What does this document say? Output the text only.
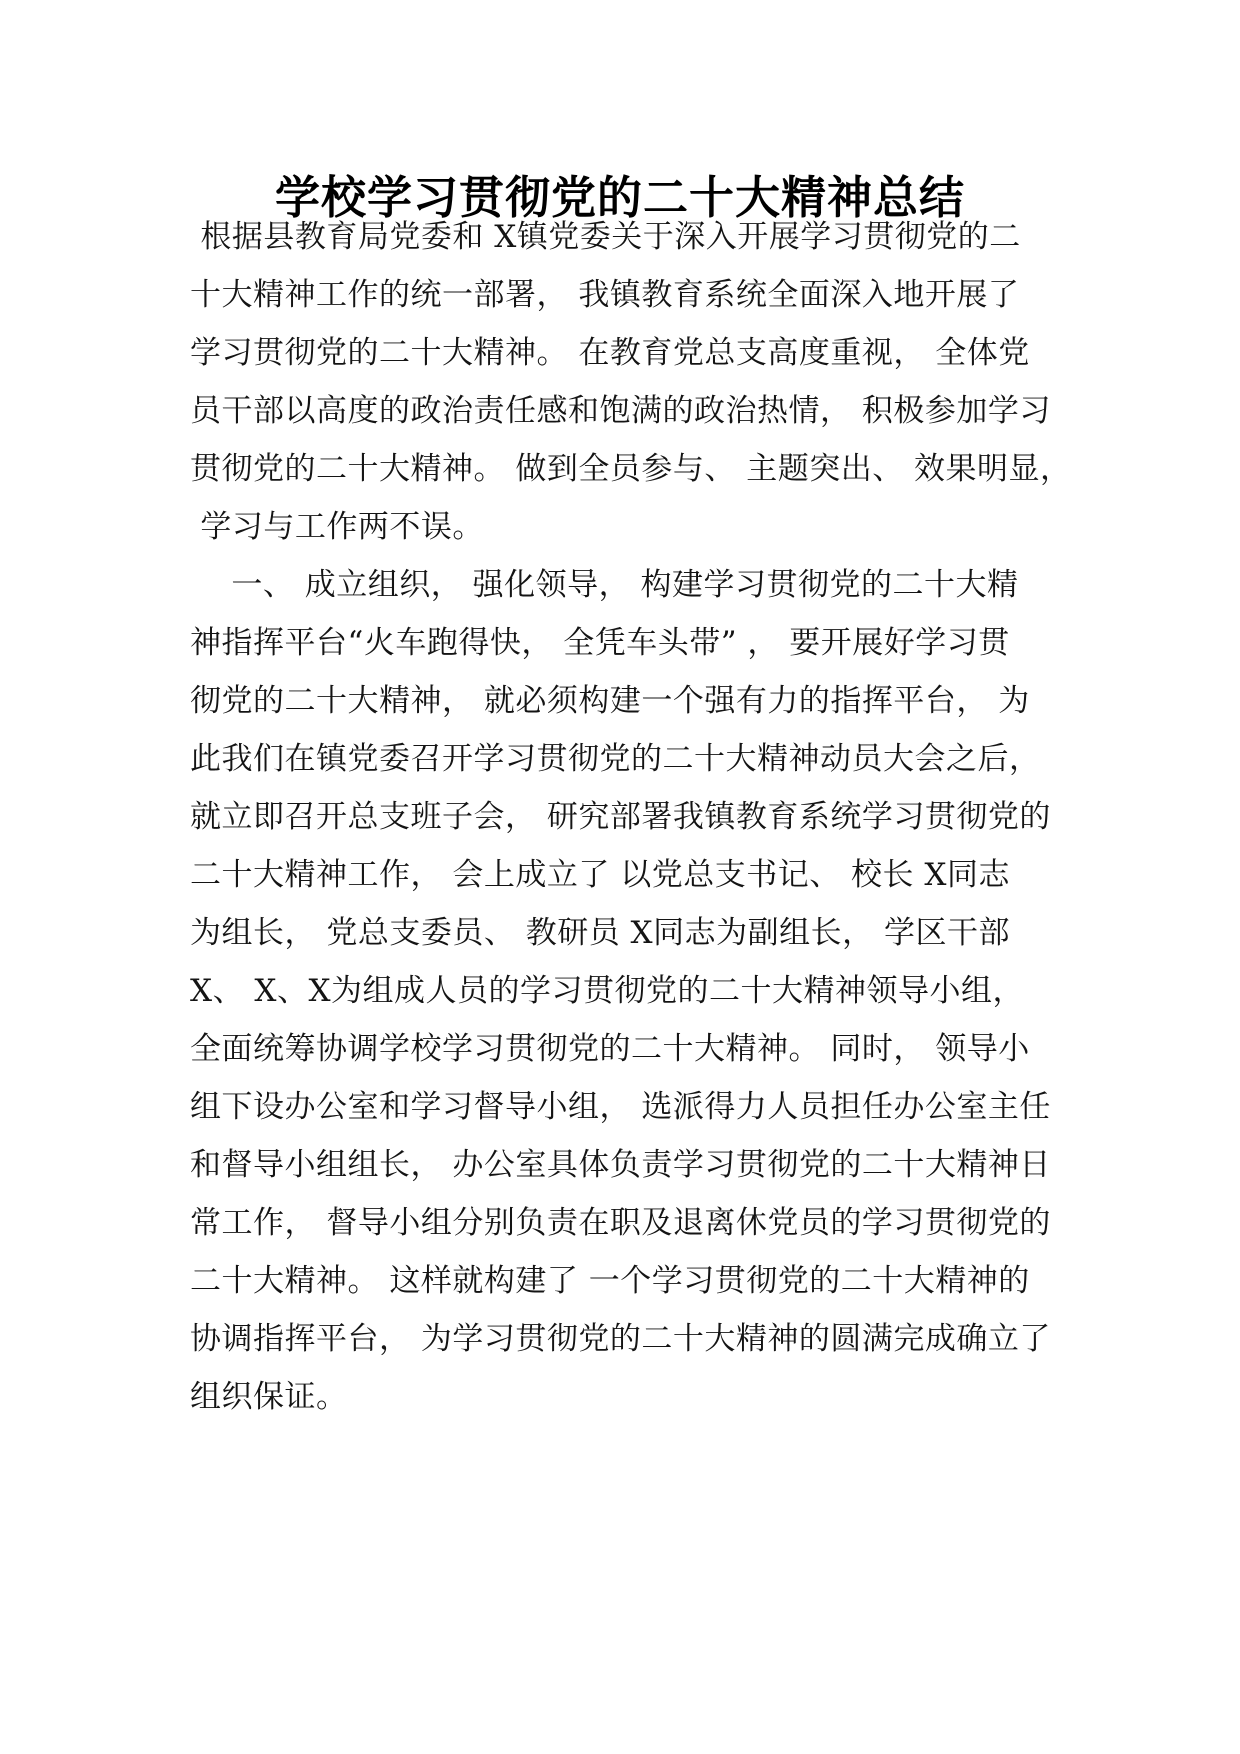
学校学习贯彻党的二十大精神总结
根据县教育局党委和 X镇党委关于深入开展学习贯彻党的二
十大精神工作的统一部署， 我镇教育系统全面深入地开展了
学习贯彻党的二十大精神。 在教育党总支高度重视， 全体党
员干部以高度的政治责任感和饱满的政治热情， 积极参加学习
贯彻党的二十大精神。 做到全员参与、 主题突出、 效果明显，
学习与工作两不误。
一、 成立组织， 强化领导， 构建学习贯彻党的二十大精
神指挥平台“火车跑得快， 全凭车头带” ， 要开展好学习贯
彻党的二十大精神， 就必须构建一个强有力的指挥平台， 为
此我们在镇党委召开学习贯彻党的二十大精神动员大会之后，
就立即召开总支班子会， 研究部署我镇教育系统学习贯彻党的
二十大精神工作， 会上成立了 以党总支书记、 校长 X同志
为组长， 党总支委员、 教研员 X同志为副组长， 学区干部
X、 X、X为组成人员的学习贯彻党的二十大精神领导小组，
全面统筹协调学校学习贯彻党的二十大精神。 同时， 领导小
组下设办公室和学习督导小组， 选派得力人员担任办公室主任
和督导小组组长， 办公室具体负责学习贯彻党的二十大精神日
常工作， 督导小组分别负责在职及退离休党员的学习贯彻党的
二十大精神。 这样就构建了 一个学习贯彻党的二十大精神的
协调指挥平台， 为学习贯彻党的二十大精神的圆满完成确立了
组织保证。
